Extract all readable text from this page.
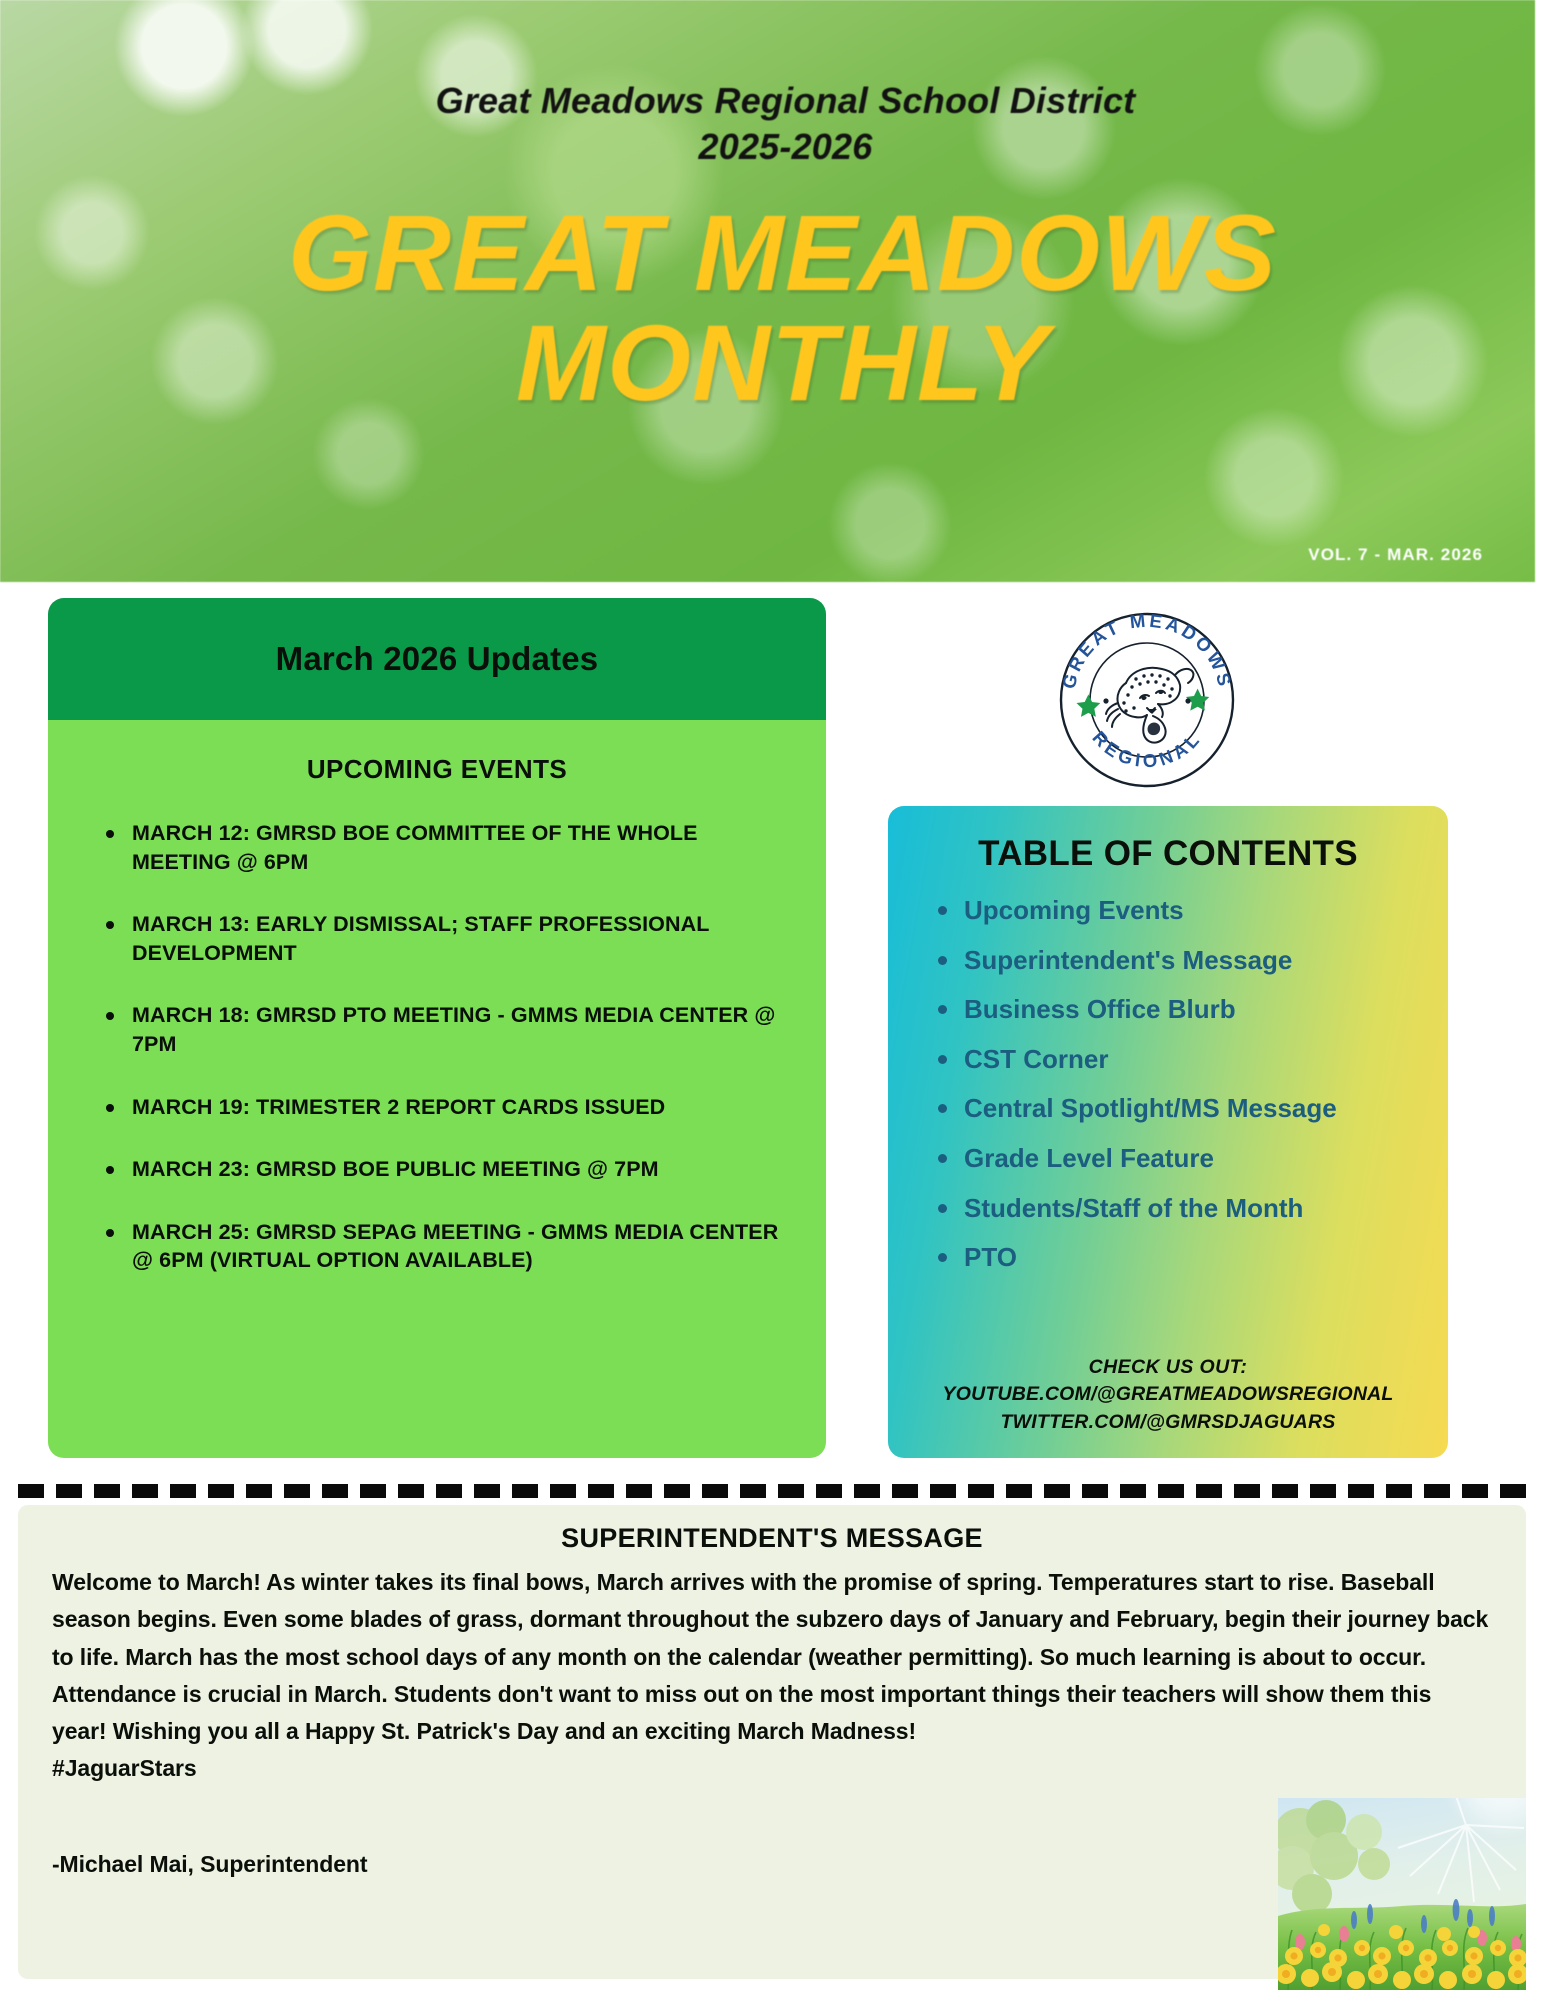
Great Meadows Regional School District
2025-2026
GREAT MEADOWS
MONTHLY
VOL. 7 - MAR. 2026
March 2026 Updates
UPCOMING EVENTS
MARCH 12: GMRSD BOE COMMITTEE OF THE WHOLE MEETING @ 6PM
MARCH 13: EARLY DISMISSAL; STAFF PROFESSIONAL DEVELOPMENT
MARCH 18: GMRSD PTO MEETING - GMMS MEDIA CENTER @ 7PM
MARCH 19: TRIMESTER 2 REPORT CARDS ISSUED
MARCH 23: GMRSD BOE PUBLIC MEETING @ 7PM
MARCH 25: GMRSD SEPAG MEETING - GMMS MEDIA CENTER @ 6PM (VIRTUAL OPTION AVAILABLE)
GREAT MEADOWS
REGIONAL
TABLE OF CONTENTS
Upcoming Events
Superintendent's Message
Business Office Blurb
CST Corner
Central Spotlight/MS Message
Grade Level Feature
Students/Staff of the Month
PTO
CHECK US OUT:
YOUTUBE.COM/@GREATMEADOWSREGIONAL
TWITTER.COM/@GMRSDJAGUARS
SUPERINTENDENT'S MESSAGE
Welcome to March! As winter takes its final bows, March arrives with the promise of spring. Temperatures start to rise. Baseball season begins. Even some blades of grass, dormant throughout the subzero days of January and February, begin their journey back to life. March has the most school days of any month on the calendar (weather permitting). So much learning is about to occur. Attendance is crucial in March. Students don't want to miss out on the most important things their teachers will show them this year! Wishing you all a Happy St. Patrick's Day and an exciting March Madness!
#JaguarStars
-Michael Mai, Superintendent
